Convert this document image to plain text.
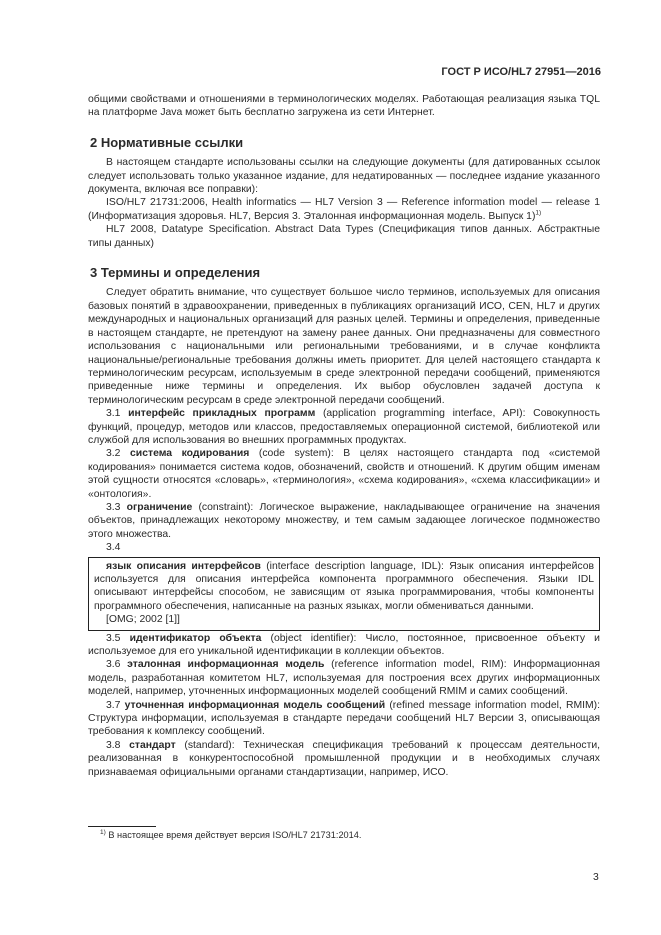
ГОСТ Р ИСО/HL7 27951—2016

общими свойствами и отношениями в терминологических моделях. Работающая реализация языка TQL на платформе Java может быть бесплатно загружена из сети Интернет.

2 Нормативные ссылки

В настоящем стандарте использованы ссылки на следующие документы (для датированных ссылок следует использовать только указанное издание, для недатированных — последнее издание указанного документа, включая все поправки):

ISO/HL7 21731:2006, Health informatics — HL7 Version 3 — Reference information model — release 1 (Информатизация здоровья. HL7, Версия 3. Эталонная информационная модель. Выпуск 1)$^{1)}$

HL7 2008, Datatype Specification. Abstract Data Types (Спецификация типов данных. Абстрактные типы данных)

3 Термины и определения

Следует обратить внимание, что существует большое число терминов, используемых для описания базовых понятий в здравоохранении, приведенных в публикациях организаций ИСО, CEN, HL7 и других международных и национальных организаций для разных целей. Термины и определения, приведенные в настоящем стандарте, не претендуют на замену ранее данных. Они предназначены для совместного использования с национальными или региональными требованиями, и в случае конфликта национальные/региональные требования должны иметь приоритет. Для целей настоящего стандарта к терминологическим ресурсам, используемым в среде электронной передачи сообщений, применяются приведенные ниже термины и определения. Их выбор обусловлен задачей доступа к терминологическим ресурсам в среде электронной передачи сообщений.

3.1 интерфейс прикладных программ (application programming interface, API): Совокупность функций, процедур, методов или классов, предоставляемых операционной системой, библиотекой или службой для использования во внешних программных продуктах.

3.2 система кодирования (code system): В целях настоящего стандарта под «системой кодирования» понимается система кодов, обозначений, свойств и отношений. К другим общим именам этой сущности относятся «словарь», «терминология», «схема кодирования», «схема классификации» и «онтология».

3.3 ограничение (constraint): Логическое выражение, накладывающее ограничение на значения объектов, принадлежащих некоторому множеству, и тем самым задающее логическое подмножество этого множества.

3.4

язык описания интерфейсов (interface description language, IDL): Язык описания интерфейсов используется для описания интерфейса компонента программного обеспечения. Языки IDL описывают интерфейсы способом, не зависящим от языка программирования, чтобы компоненты программного обеспечения, написанные на разных языках, могли обмениваться данными.

[OMG; 2002 [1]]

3.5 идентификатор объекта (object identifier): Число, постоянное, присвоенное объекту и используемое для его уникальной идентификации в коллекции объектов.

3.6 эталонная информационная модель (reference information model, RIM): Информационная модель, разработанная комитетом HL7, используемая для построения всех других информационных моделей, например, уточненных информационных моделей сообщений RMIM и самих сообщений.

3.7 уточненная информационная модель сообщений (refined message information model, RMIM): Структура информации, используемая в стандарте передачи сообщений HL7 Версии 3, описывающая требования к комплексу сообщений.

3.8 стандарт (standard): Техническая спецификация требований к процессам деятельности, реализованная в конкурентоспособной промышленной продукции и в необходимых случаях признаваемая официальными органами стандартизации, например, ИСО.

$^{1)}$ В настоящее время действует версия ISO/HL7 21731:2014.
3
